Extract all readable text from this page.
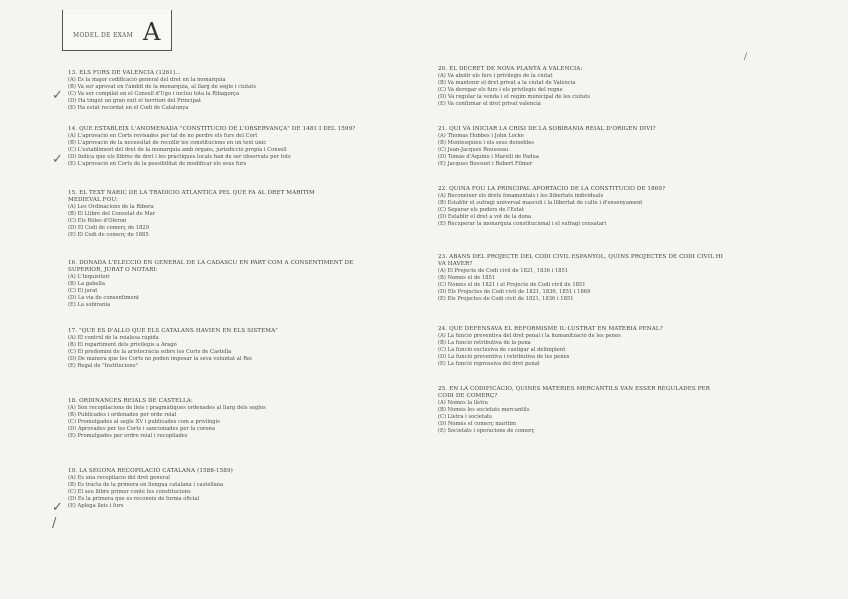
MODEL DE EXAM A
13. ELS FURS DE VALÈNCIA (1261)...
(A) Es la major codificació general del dret en la monarquia
(B) Va ser aprovat en l'àmbit de la monarquia, al llarg de segle i ciutats
(C) Va ser compilat en el Consell d'Ugo i inclou tota la Ribagorça
(D) Ha tingut un gran èxit el territori del Principat
(E) Ha estat recordat en el Codi de Catalunya
14. QUÈ ESTABLEIX L'ANOMENADA "CONSTITUCIÓ DE L'OBSERVANÇA" DE 1481 I DEL 1599?
(A) L'aprovació en Corts revisades per tal de no perdre els furs del Cort
(B) L'aprovació de la necessitat de recollir les constitucions en un text únic
(C) L'establiment del dret de la monarquia amb òrgans, jurisdicció pròpia i Consell
(D) Indica que els llibres de dret i les pràctiques locals han de ser observats per tots
(E) L'aprovació en Corts de la possibilitat de modificar els seus furs
15. EL TEXT NÀRIC DE LA TRADICIÓ ATLÀNTICA PEL QUE FA AL DRET MARÍTIM
MEDIEVAL FOU:
(A) Les Ordinacions de la Ribera
(B) El Llibre del Consolat de Mar
(C) Els Rôles d'Oléron
(D) El Codi de comerç de 1829
(E) El Codi de comerç de 1885
16. DONADA L'ELECCIÓ EN GENERAL DE LA CADASCÚ EN PART COM A CONSENTIMENT DE
SUPERIOR, JURAT O NOTARI:
(A) L'Inquisitori
(B) La gabella
(C) El jurat
(D) La via de consentiment
(E) La sobirania
17. "QUÈ ÉS D'ALLÒ QUE ELS CATALANS HAVIEN EN ELS SISTEMA"
(A) El control de la reialesa ràpida
(B) El repartiment dels privilegis a Aragó
(C) El predomini de la aristocràcia sobre les Corts de Castella
(D) De manera que les Corts no poden imposar la seva voluntat al Rei
(E) Regal de "Institucions"
18. ORDINANCES REIALS DE CASTELLA:
(A) Són recopilacions de lleis i pragmàtiques ordenades al llarg dels segles
(B) Publicades i ordenades per orde reial
(C) Promulgades al segle XV i publicades com a privilegis
(D) Aprovades per les Corts i sancionades per la corona
(E) Promulgades per ordre reial i recopilades
19. LA SEGONA RECOPILACIÓ CATALANA (1588-1589)
(A) És una recopilació del dret general
(B) Es tracta de la primera en llengua catalana i castellana
(C) El seu llibre primer conté les constitucions
(D) Es la primera que es reconeix de forma oficial
(E) Aplega lleis i furs
20. EL DECRET DE NOVA PLANTA A VALÈNCIA:
(A) Va abolir els furs i privilegis de la ciutat
(B) Va mantenir el dret privat a la ciutat de València
(C) Va derogar els furs i els privilegis del regne
(D) Va regular la venda i el règim municipal de les ciutats
(E) Va confirmar el dret privat valencià
21. QUI VA INICIAR LA CRISI DE LA SOBIRANIA REIAL D'ORIGEN DIVÍ?
(A) Thomas Hobbes i John Locke
(B) Montesquieu i els seus deixebles
(C) Jean-Jacques Rousseau
(D) Tomàs d'Aquino i Marsili de Pàdua
(E) Jacques Bossuet i Robert Filmer
22. QUINA FOU LA PRINCIPAL APORTACIÓ DE LA CONSTITUCIÓ DE 1869?
(A) Reconèixer els drets fonamentals i les llibertats individuals
(B) Establir el sufragi universal masculí i la llibertat de culte i d'ensenyament
(C) Separar els poders de l'Estat
(D) Establir el dret a vot de la dona
(E) Recuperar la monarquia constitucional i el sufragi censatari
23. ABANS DEL PROJECTE DEL CODI CIVIL ESPANYOL, QUINS PROJECTES DE CODI CIVIL HI
VA HAVER?
(A) El Projecte de Codi civil de 1821, 1836 i 1851
(B) Només el de 1851
(C) Només el de 1821 i el Projecte de Codi civil de 1851
(D) Els Projectes de Codi civil de 1821, 1836, 1851 i 1869
(E) Els Projectes de Codi civil de 1821, 1836 i 1851
24. QUÈ DEFENSAVA EL REFORMISME IL·LUSTRAT EN MATÈRIA PENAL?
(A) La funció preventiva del dret penal i la humanització de les penes
(B) La funció retributiva de la pena
(C) La funció exclusiva de castigar al delinqüent
(D) La funció preventiva i retributiva de les penes
(E) La funció repressiva del dret penal
25. EN LA CODIFICACIÓ, QUINES MATÈRIES MERCANTILS VAN ÉSSER REGULADES PER
CODI DE COMERÇ?
(A) Només la lletra
(B) Només les societats mercantils
(C) Lletra i societats
(D) Només el comerç marítim
(E) Societats i operacions de comerç
✓
✓
✓
/
/
